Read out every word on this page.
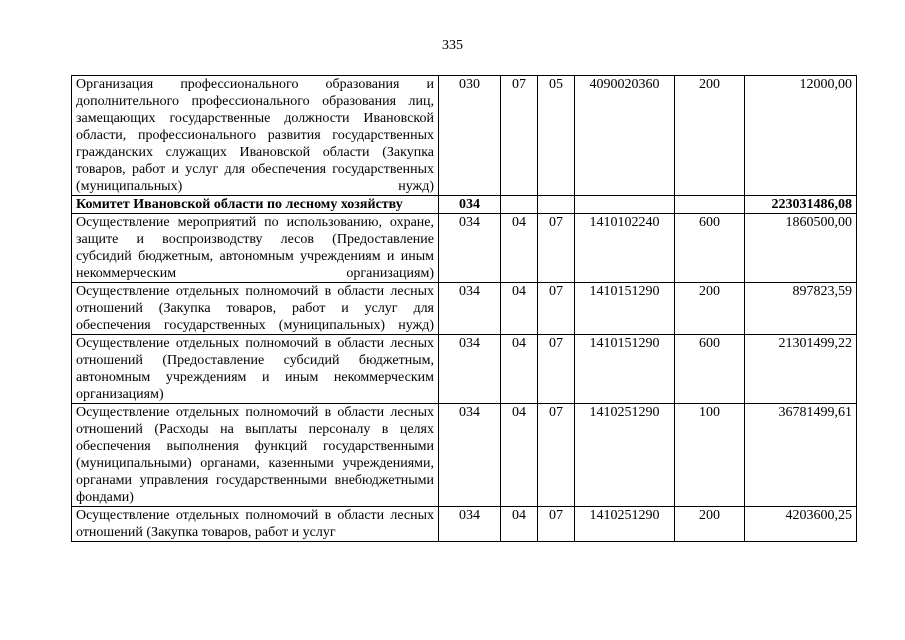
335
Организация профессионального образования и дополнительного профессионального образования лиц, замещающих государственные должности Ивановской области, профессионального развития государственных гражданских служащих Ивановской области (Закупка товаров, работ и услуг для обеспечения государственных (муниципальных) нужд)	030	07	05	4090020360	200	12000,00
Комитет Ивановской области по лесному хозяйству	034					223031486,08
Осуществление мероприятий по использованию, охране, защите и воспроизводству лесов (Предоставление субсидий бюджетным, автономным учреждениям и иным некоммерческим организациям)	034	04	07	1410102240	600	1860500,00
Осуществление отдельных полномочий в области лесных отношений (Закупка товаров, работ и услуг для обеспечения государственных (муниципальных) нужд)	034	04	07	1410151290	200	897823,59
Осуществление отдельных полномочий в области лесных отношений (Предоставление субсидий бюджетным, автономным учреждениям и иным некоммерческим организациям)	034	04	07	1410151290	600	21301499,22
Осуществление отдельных полномочий в области лесных отношений (Расходы на выплаты персоналу в целях обеспечения выполнения функций государственными (муниципальными) органами, казенными учреждениями, органами управления государственными внебюджетными фондами)	034	04	07	1410251290	100	36781499,61
Осуществление отдельных полномочий в области лесных отношений (Закупка товаров, работ и услуг	034	04	07	1410251290	200	4203600,25
